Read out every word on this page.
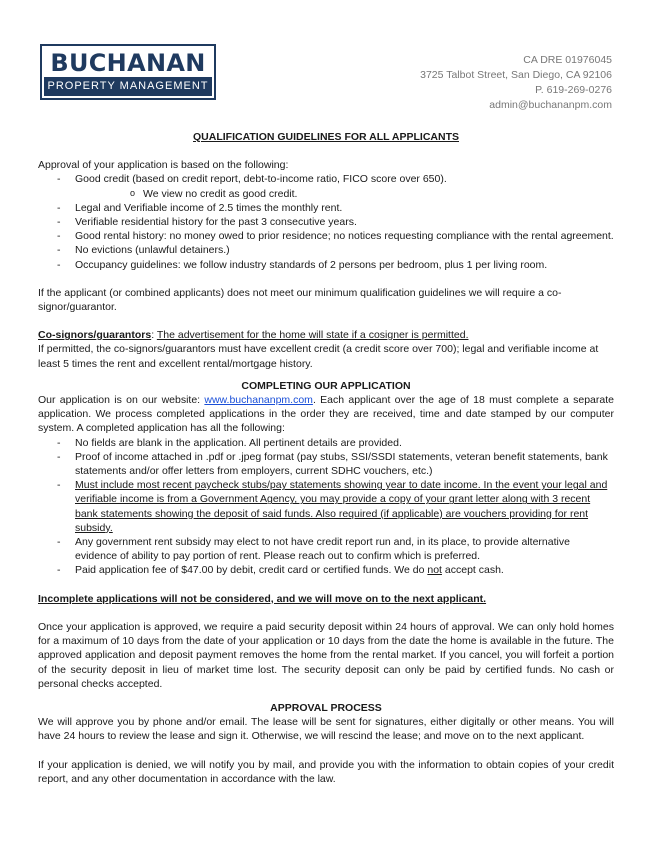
BUCHANAN
PROPERTY MANAGEMENT
CA DRE 01976045
3725 Talbot Street, San Diego, CA 92106
P. 619-269-0276
admin@buchananpm.com

QUALIFICATION GUIDELINES FOR ALL APPLICANTS

Approval of your application is based on the following:

- Good credit (based on credit report, debt-to-income ratio, FICO score over 650).
o We view no credit as good credit.
- Legal and Verifiable income of 2.5 times the monthly rent.
- Verifiable residential history for the past 3 consecutive years.
- Good rental history: no money owed to prior residence; no notices requesting compliance with the rental agreement.
- No evictions (unlawful detainers.)
- Occupancy guidelines: we follow industry standards of 2 persons per bedroom, plus 1 per living room.

If the applicant (or combined applicants) does not meet our minimum qualification guidelines we will require a co-signor/guarantor.

Co-signors/guarantors: The advertisement for the home will state if a cosigner is permitted.

If permitted, the co-signors/guarantors must have excellent credit (a credit score over 700); legal and verifiable income at least 5 times the rent and excellent rental/mortgage history.

COMPLETING OUR APPLICATION

Our application is on our website: www.buchananpm.com. Each applicant over the age of 18 must complete a separate application. We process completed applications in the order they are received, time and date stamped by our computer system. A completed application has all the following:

- No fields are blank in the application. All pertinent details are provided.
- Proof of income attached in .pdf or .jpeg format (pay stubs, SSI/SSDI statements, veteran benefit statements, bank statements and/or offer letters from employers, current SDHC vouchers, etc.)
- Must include most recent paycheck stubs/pay statements showing year to date income. In the event your legal and verifiable income is from a Government Agency, you may provide a copy of your grant letter along with 3 recent bank statements showing the deposit of said funds. Also required (if applicable) are vouchers providing for rent subsidy.
- Any government rent subsidy may elect to not have credit report run and, in its place, to provide alternative evidence of ability to pay portion of rent. Please reach out to confirm which is preferred.
- Paid application fee of $47.00 by debit, credit card or certified funds. We do not accept cash.

Incomplete applications will not be considered, and we will move on to the next applicant.

Once your application is approved, we require a paid security deposit within 24 hours of approval. We can only hold homes for a maximum of 10 days from the date of your application or 10 days from the date the home is available in the future. The approved application and deposit payment removes the home from the rental market. If you cancel, you will forfeit a portion of the security deposit in lieu of market time lost. The security deposit can only be paid by certified funds. No cash or personal checks accepted.

APPROVAL PROCESS

We will approve you by phone and/or email. The lease will be sent for signatures, either digitally or other means. You will have 24 hours to review the lease and sign it. Otherwise, we will rescind the lease; and move on to the next applicant.

If your application is denied, we will notify you by mail, and provide you with the information to obtain copies of your credit report, and any other documentation in accordance with the law.
